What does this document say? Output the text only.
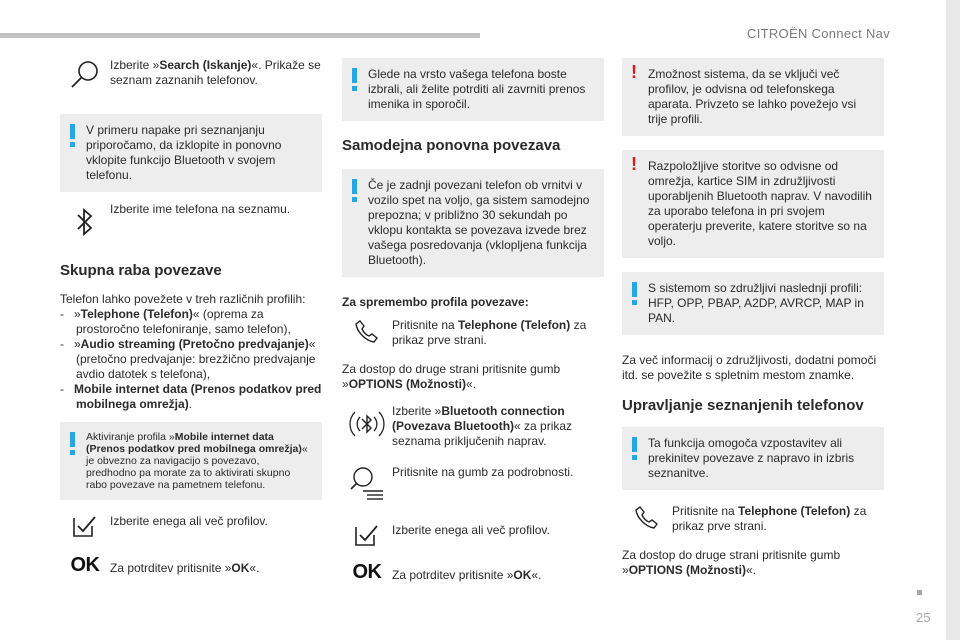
CITROËN Connect Nav
25
Izberite »Search (Iskanje)«. Prikaže se seznam zaznanih telefonov.
V primeru napake pri seznanjanju priporočamo, da izklopite in ponovno vklopite funkcijo Bluetooth v svojem telefonu.
Izberite ime telefona na seznamu.
Skupna raba povezave
Telefon lahko povežete v treh različnih profilih:
-   »Telephone (Telefon)« (oprema za prostoročno telefoniranje, samo telefon),
-   »Audio streaming (Pretočno predvajanje)« (pretočno predvajanje: brezžično predvajanje avdio datotek s telefona),
-   Mobile internet data (Prenos podatkov pred mobilnega omrežja).
Aktiviranje profila »Mobile internet data (Prenos podatkov pred mobilnega omrežja)« je obvezno za navigacijo s povezavo, predhodno pa morate za to aktivirati skupno rabo povezave na pametnem telefonu.
Izberite enega ali več profilov.
OK Za potrditev pritisnite »OK«.
Glede na vrsto vašega telefona boste izbrali, ali želite potrditi ali zavrniti prenos imenika in sporočil.
Samodejna ponovna povezava
Če je zadnji povezani telefon ob vrnitvi v vozilo spet na voljo, ga sistem samodejno prepozna; v približno 30 sekundah po vklopu kontakta se povezava izvede brez vašega posredovanja (vklopljena funkcija Bluetooth).
Za spremembo profila povezave:
Pritisnite na Telephone (Telefon) za prikaz prve strani.
Za dostop do druge strani pritisnite gumb »OPTIONS (Možnosti)«.
Izberite »Bluetooth connection (Povezava Bluetooth)« za prikaz seznama priključenih naprav.
Pritisnite na gumb za podrobnosti.
Izberite enega ali več profilov.
OK Za potrditev pritisnite »OK«.
! Zmožnost sistema, da se vključi več profilov, je odvisna od telefonskega aparata. Privzeto se lahko povežejo vsi trije profili.
! Razpoložljive storitve so odvisne od omrežja, kartice SIM in združljivosti uporabljenih Bluetooth naprav. V navodilih za uporabo telefona in pri svojem operaterju preverite, katere storitve so na voljo.
S sistemom so združljivi naslednji profili: HFP, OPP, PBAP, A2DP, AVRCP, MAP in PAN.
Za več informacij o združljivosti, dodatni pomoči itd. se povežite s spletnim mestom znamke.
Upravljanje seznanjenih telefonov
Ta funkcija omogoča vzpostavitev ali prekinitev povezave z napravo in izbris seznanitve.
Pritisnite na Telephone (Telefon) za prikaz prve strani.
Za dostop do druge strani pritisnite gumb »OPTIONS (Možnosti)«.
